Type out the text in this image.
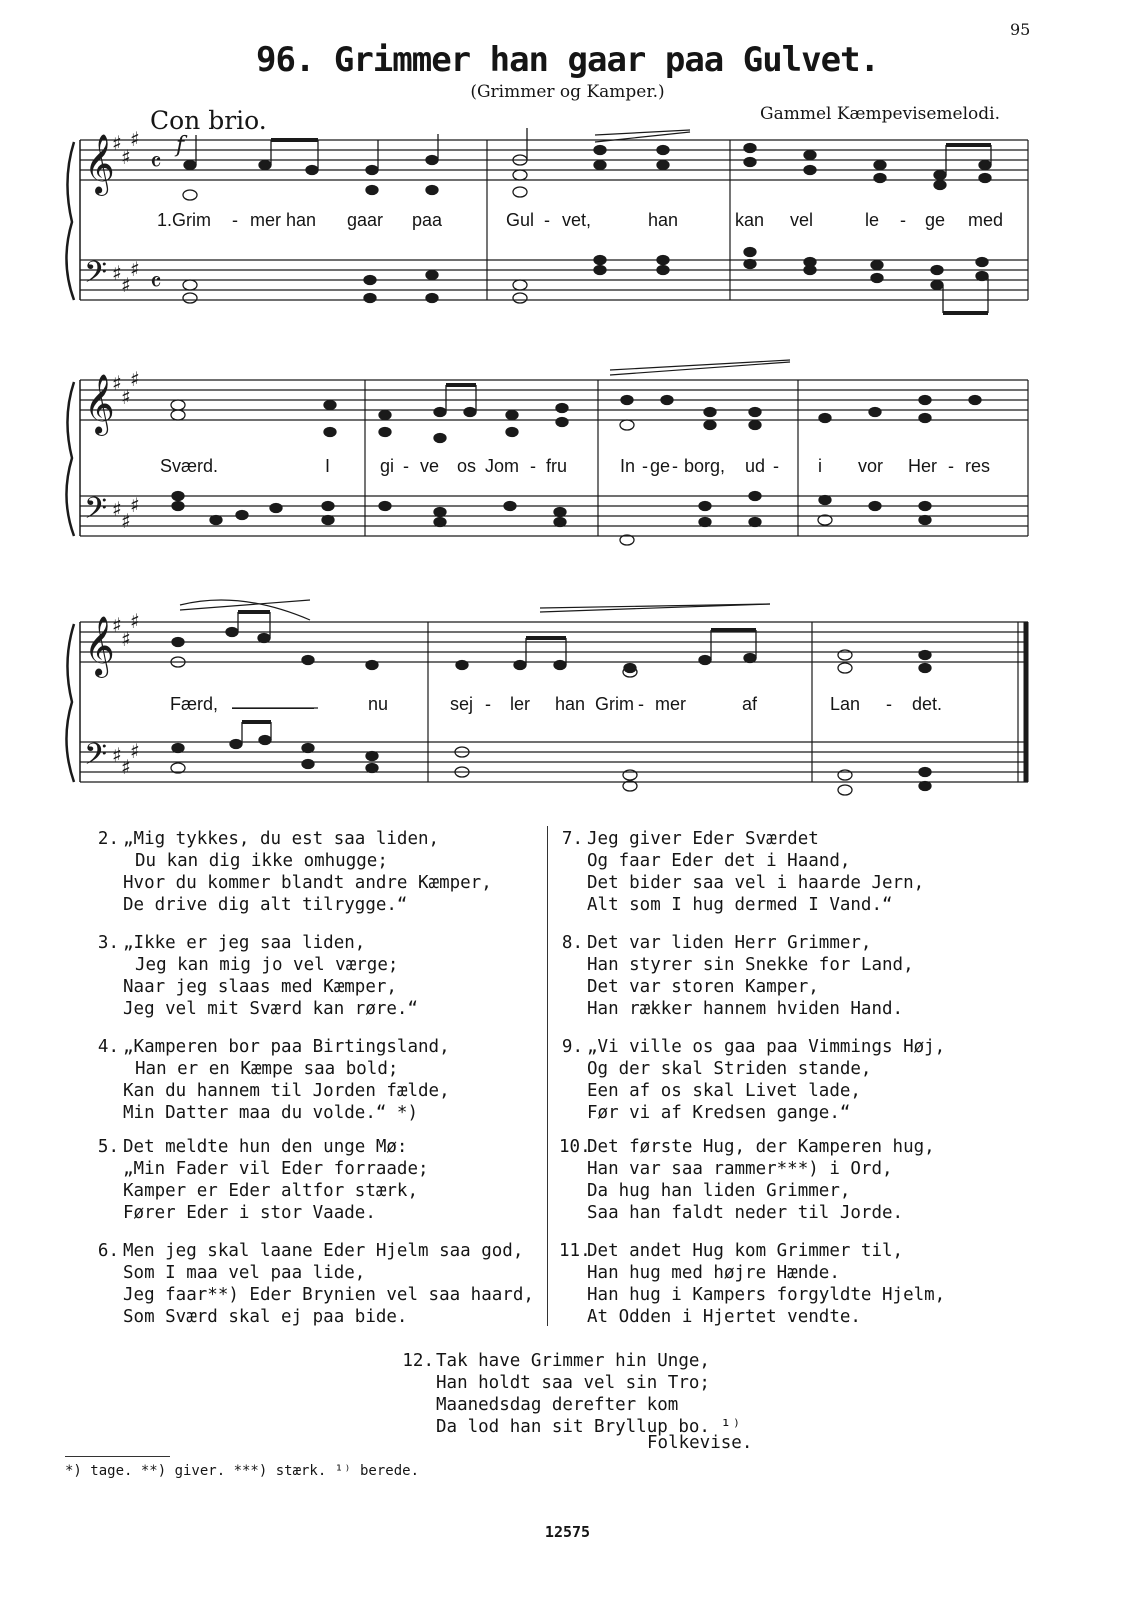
95
96. Grimmer han gaar paa Gulvet.
(Grimmer og Kamper.)
Con brio.	Gammel Kæmpevisemelodi.
𝄞
𝄢
𝄞
𝄢
𝄞
𝄢
♯
♯
♯
♯ ♯
♯
♯
♯
♯
♯ ♯
♯
♯
♯
♯
♯ ♯
♯
𝄴
𝄴
f
1.Grim - mer han gaar paa	Gul - vet,	han	kan vel	le - ge med
Sværd.	I	gi - ve os Jom - fru	In - ge - borg, ud - i vor Her - res
Færd,	nu	sej - ler han Grim - mer	af	Lan - det.
2. „Mig tykkes, du est saa liden,
Du kan dig ikke omhugge;
Hvor du kommer blandt andre Kæmper,
De drive dig alt tilrygge.“
3. „Ikke er jeg saa liden,
Jeg kan mig jo vel værge;
Naar jeg slaas med Kæmper,
Jeg vel mit Sværd kan røre.“
4. „Kamperen bor paa Birtingsland,
Han er en Kæmpe saa bold;
Kan du hannem til Jorden fælde,
Min Datter maa du volde.“ *)
5. Det meldte hun den unge Mø:
„Min Fader vil Eder forraade;
Kamper er Eder altfor stærk,
Fører Eder i stor Vaade.
6. Men jeg skal laane Eder Hjelm saa god,
Som I maa vel paa lide,
Jeg faar**) Eder Brynien vel saa haard,
Som Sværd skal ej paa bide.
7. Jeg giver Eder Sværdet
Og faar Eder det i Haand,
Det bider saa vel i haarde Jern,
Alt som I hug dermed I Vand.“
8. Det var liden Herr Grimmer,
Han styrer sin Snekke for Land,
Det var storen Kamper,
Han rækker hannem hviden Hand.
9. „Vi ville os gaa paa Vimmings Høj,
Og der skal Striden stande,
Een af os skal Livet lade,
Før vi af Kredsen gange.“
10.
Det første Hug, der Kamperen hug,
Han var saa rammer***) i Ord,
Da hug han liden Grimmer,
Saa han faldt neder til Jorde.
11.
Det andet Hug kom Grimmer til,
Han hug med højre Hænde.
Han hug i Kampers forgyldte Hjelm,
At Odden i Hjertet vendte.
12. Tak have Grimmer hin Unge,
Han holdt saa vel sin Tro;
Maanedsdag derefter kom
Da lod han sit Bryllup bo. ¹⁾
Folkevise.
*) tage. **) giver. ***) stærk. ¹⁾ berede.
12575
